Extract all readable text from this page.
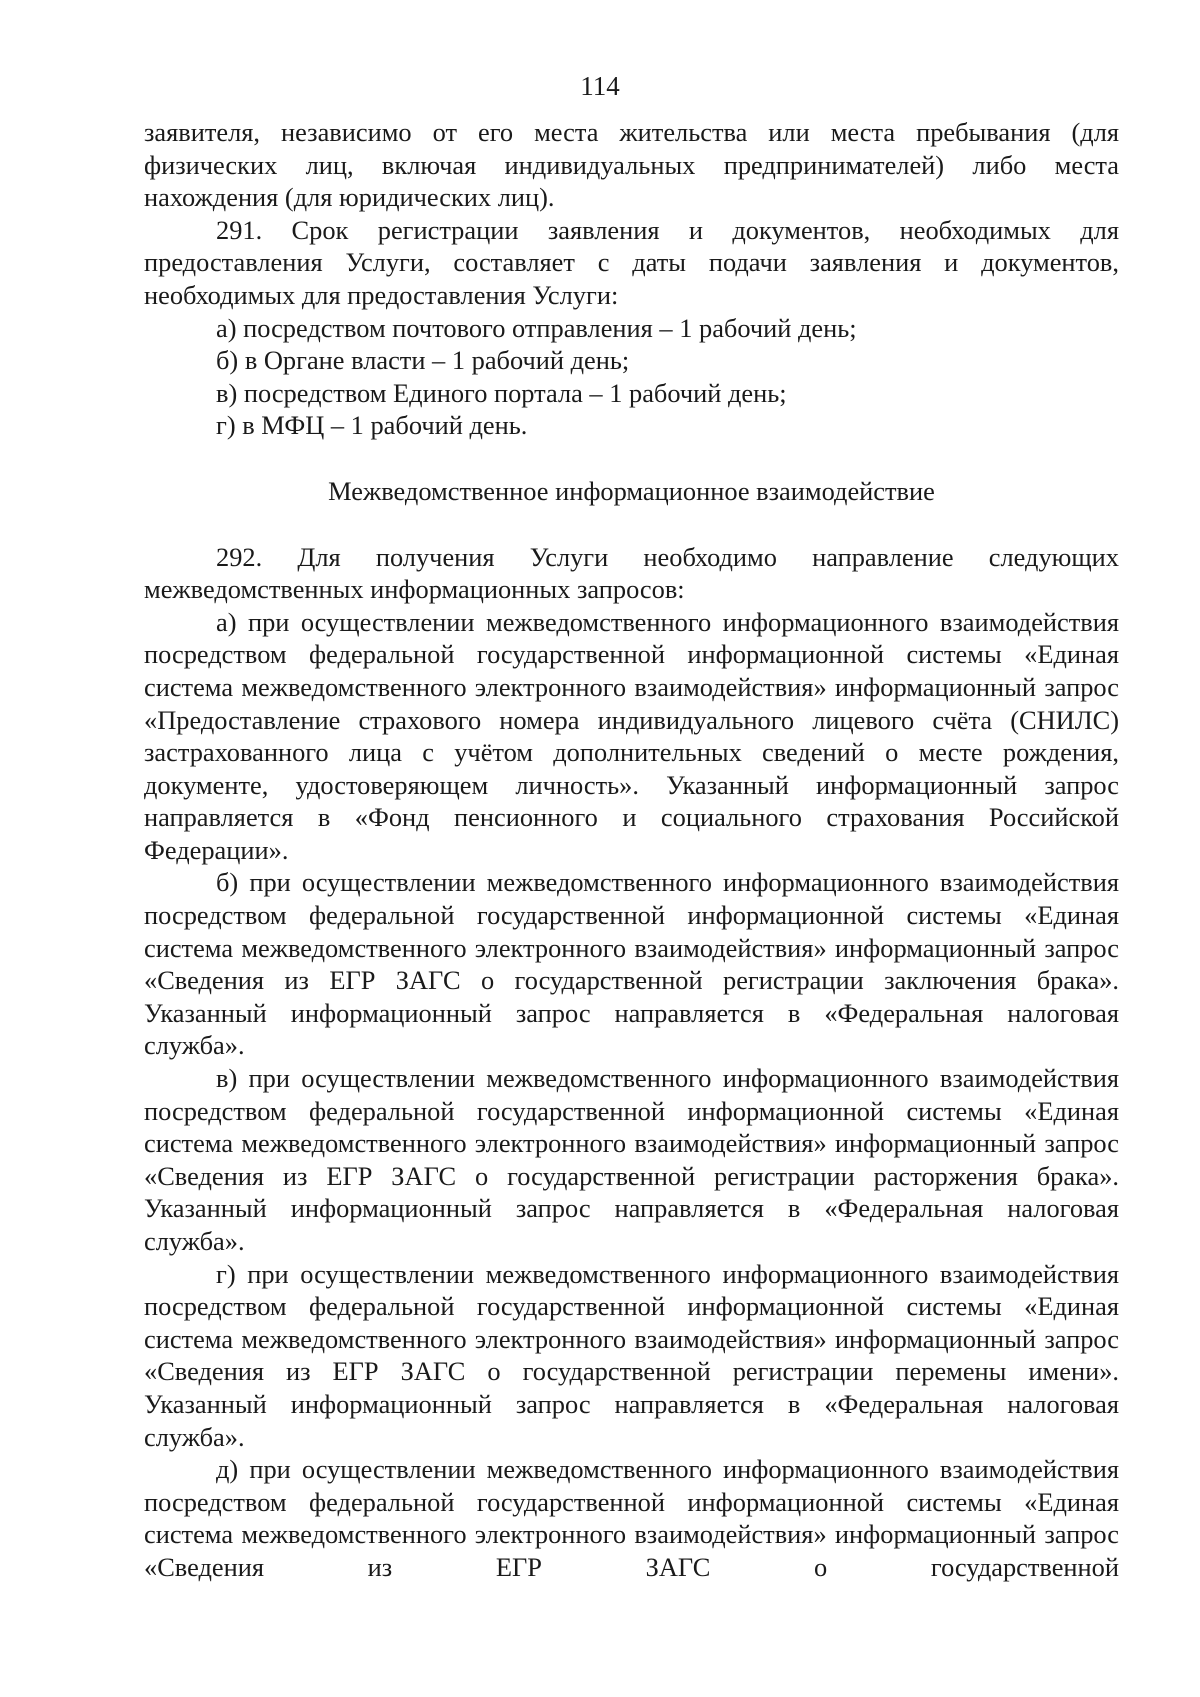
114

заявителя, независимо от его места жительства или места пребывания (для физических лиц, включая индивидуальных предпринимателей) либо места нахождения (для юридических лиц).

291. Срок регистрации заявления и документов, необходимых для предоставления Услуги, составляет с даты подачи заявления и документов, необходимых для предоставления Услуги:

а) посредством почтового отправления – 1 рабочий день;

б) в Органе власти – 1 рабочий день;

в) посредством Единого портала – 1 рабочий день;

г) в МФЦ – 1 рабочий день.

Межведомственное информационное взаимодействие

292. Для получения Услуги необходимо направление следующих межведомственных информационных запросов:

а) при осуществлении межведомственного информационного взаимодействия посредством федеральной государственной информационной системы «Единая система межведомственного электронного взаимодействия» информационный запрос «Предоставление страхового номера индивидуального лицевого счёта (СНИЛС) застрахованного лица с учётом дополнительных сведений о месте рождения, документе, удостоверяющем личность». Указанный информационный запрос направляется в «Фонд пенсионного и социального страхования Российской Федерации».

б) при осуществлении межведомственного информационного взаимодействия посредством федеральной государственной информационной системы «Единая система межведомственного электронного взаимодействия» информационный запрос «Сведения из ЕГР ЗАГС о государственной регистрации заключения брака». Указанный информационный запрос направляется в «Федеральная налоговая служба».

в) при осуществлении межведомственного информационного взаимодействия посредством федеральной государственной информационной системы «Единая система межведомственного электронного взаимодействия» информационный запрос «Сведения из ЕГР ЗАГС о государственной регистрации расторжения брака». Указанный информационный запрос направляется в «Федеральная налоговая служба».

г) при осуществлении межведомственного информационного взаимодействия посредством федеральной государственной информационной системы «Единая система межведомственного электронного взаимодействия» информационный запрос «Сведения из ЕГР ЗАГС о государственной регистрации перемены имени». Указанный информационный запрос направляется в «Федеральная налоговая служба».

д) при осуществлении межведомственного информационного взаимодействия посредством федеральной государственной информационной системы «Единая система межведомственного электронного взаимодействия» информационный запрос «Сведения из ЕГР ЗАГС о государственной
